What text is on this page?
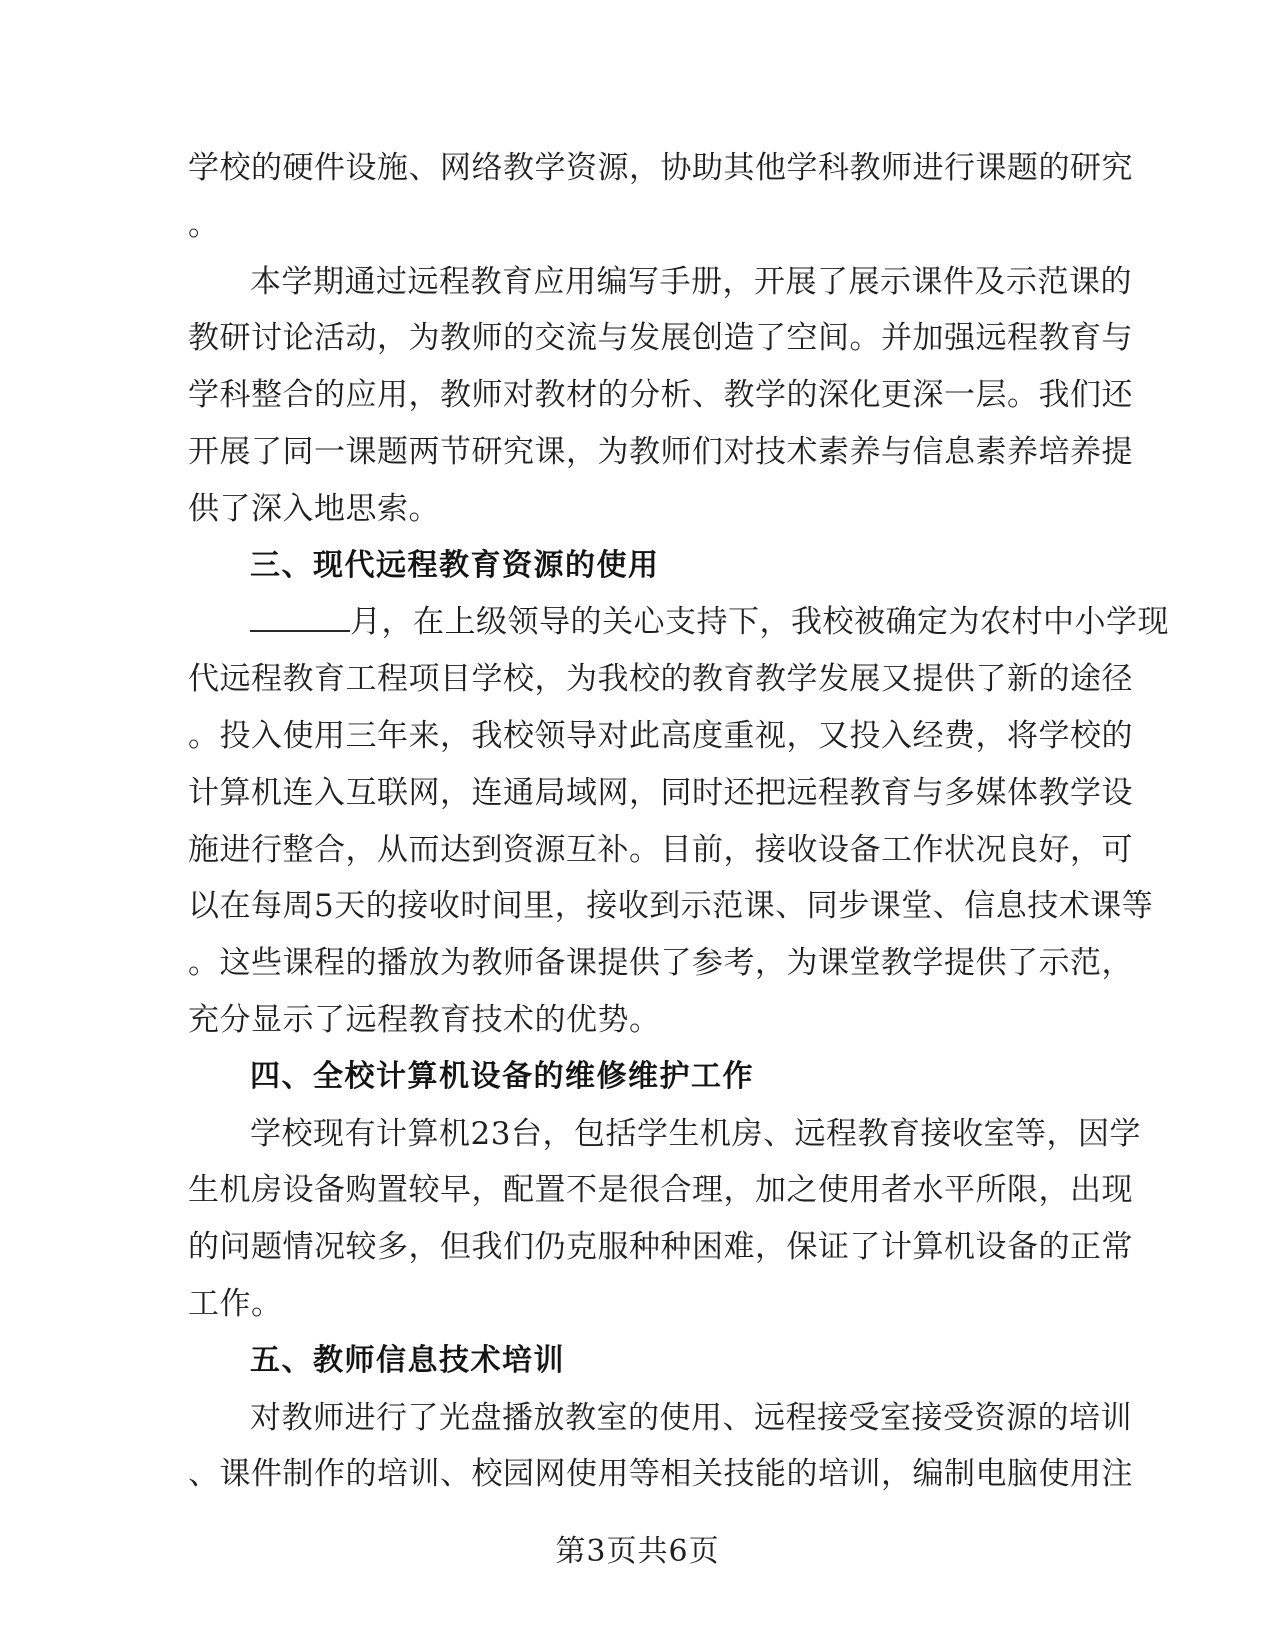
学校的硬件设施、网络教学资源，协助其他学科教师进行课题的研究
。
本学期通过远程教育应用编写手册，开展了展示课件及示范课的
教研讨论活动，为教师的交流与发展创造了空间。并加强远程教育与
学科整合的应用，教师对教材的分析、教学的深化更深一层。我们还
开展了同一课题两节研究课，为教师们对技术素养与信息素养培养提
供了深入地思索。
三、现代远程教育资源的使用
月，在上级领导的关心支持下，我校被确定为农村中小学现
代远程教育工程项目学校，为我校的教育教学发展又提供了新的途径
。投入使用三年来，我校领导对此高度重视，又投入经费，将学校的
计算机连入互联网，连通局域网，同时还把远程教育与多媒体教学设
施进行整合，从而达到资源互补。目前，接收设备工作状况良好，可
以在每周5天的接收时间里，接收到示范课、同步课堂、信息技术课等
。这些课程的播放为教师备课提供了参考，为课堂教学提供了示范，
充分显示了远程教育技术的优势。
四、全校计算机设备的维修维护工作
学校现有计算机23台，包括学生机房、远程教育接收室等，因学
生机房设备购置较早，配置不是很合理，加之使用者水平所限，出现
的问题情况较多，但我们仍克服种种困难，保证了计算机设备的正常
工作。
五、教师信息技术培训
对教师进行了光盘播放教室的使用、远程接受室接受资源的培训
、课件制作的培训、校园网使用等相关技能的培训，编制电脑使用注
第3页共6页
